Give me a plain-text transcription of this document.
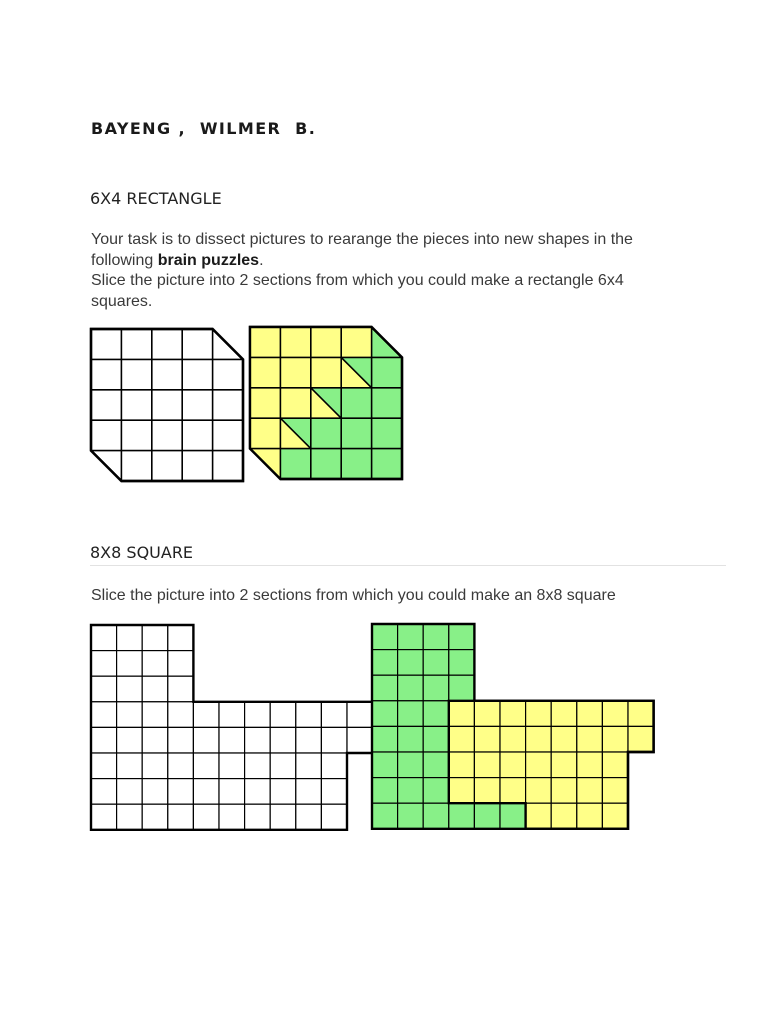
BAYENG ,  WILMER  B.

6X4 RECTANGLE

Your task is to dissect pictures to rearange the pieces into new shapes in the
following brain puzzles.
Slice the picture into 2 sections from which you could make a rectangle 6x4
squares.

8X8 SQUARE

Slice the picture into 2 sections from which you could make an 8x8 square
